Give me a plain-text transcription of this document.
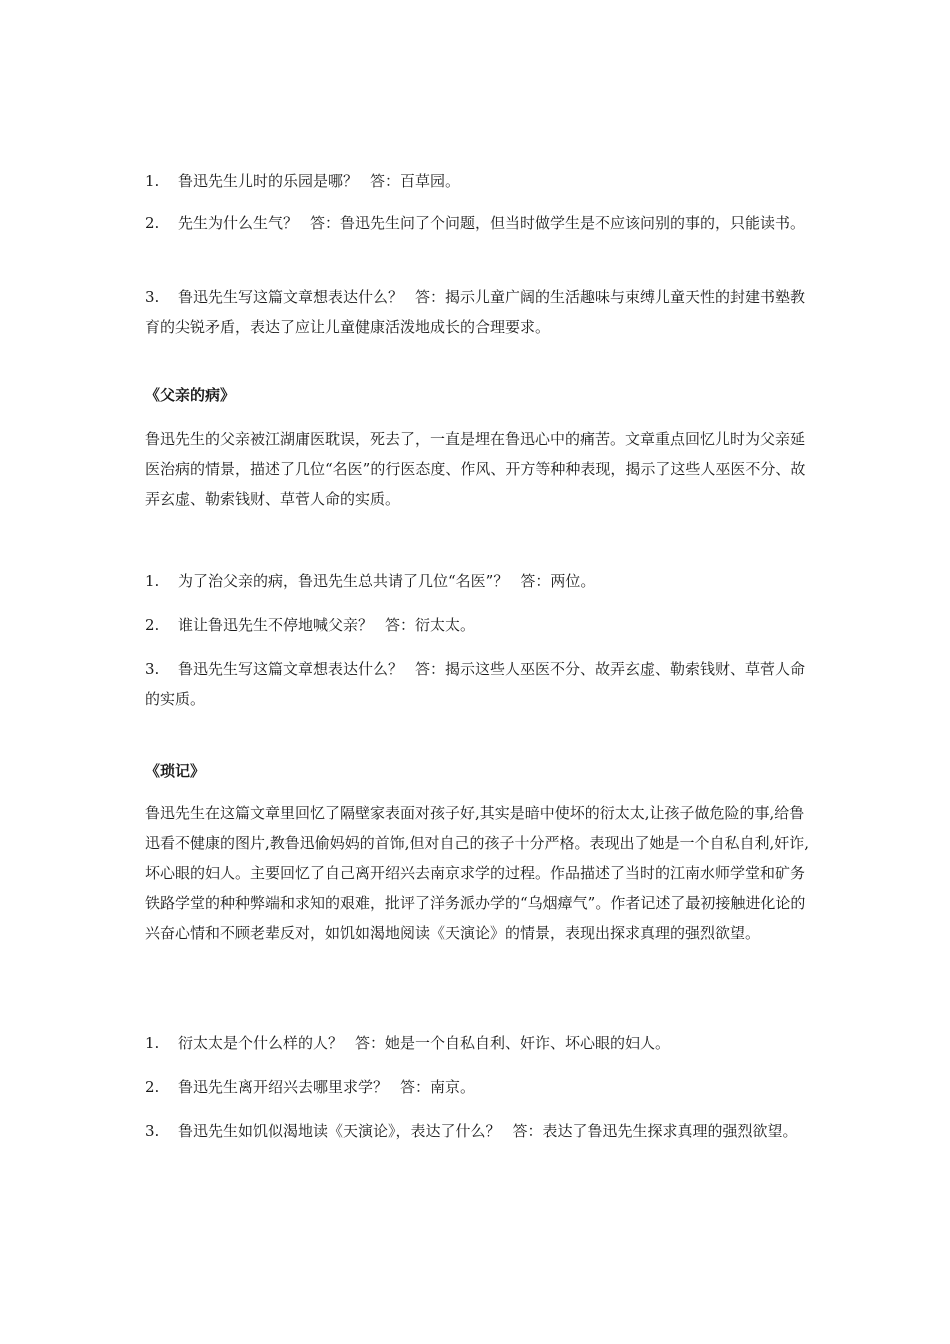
1. 鲁迅先生儿时的乐园是哪？ 答：百草园。

2. 先生为什么生气？ 答：鲁迅先生问了个问题，但当时做学生是不应该问别的事的，只能读书。

3. 鲁迅先生写这篇文章想表达什么？ 答：揭示儿童广阔的生活趣味与束缚儿童天性的封建书塾教育的尖锐矛盾，表达了应让儿童健康活泼地成长的合理要求。

《父亲的病》

鲁迅先生的父亲被江湖庸医耽误，死去了，一直是埋在鲁迅心中的痛苦。文章重点回忆儿时为父亲延医治病的情景，描述了几位“名医”的行医态度、作风、开方等种种表现，揭示了这些人巫医不分、故弄玄虚、勒索钱财、草菅人命的实质。

1. 为了治父亲的病，鲁迅先生总共请了几位“名医”？ 答：两位。

2. 谁让鲁迅先生不停地喊父亲？ 答：衍太太。

3. 鲁迅先生写这篇文章想表达什么？ 答：揭示这些人巫医不分、故弄玄虚、勒索钱财、草菅人命的实质。

《琐记》

鲁迅先生在这篇文章里回忆了隔壁家表面对孩子好,其实是暗中使坏的衍太太,让孩子做危险的事,给鲁迅看不健康的图片,教鲁迅偷妈妈的首饰,但对自己的孩子十分严格。表现出了她是一个自私自利,奸诈,坏心眼的妇人。主要回忆了自己离开绍兴去南京求学的过程。作品描述了当时的江南水师学堂和矿务铁路学堂的种种弊端和求知的艰难，批评了洋务派办学的“乌烟瘴气”。作者记述了最初接触进化论的兴奋心情和不顾老辈反对，如饥如渴地阅读《天演论》的情景，表现出探求真理的强烈欲望。

1. 衍太太是个什么样的人？ 答：她是一个自私自利、奸诈、坏心眼的妇人。

2. 鲁迅先生离开绍兴去哪里求学？ 答：南京。

3. 鲁迅先生如饥似渴地读《天演论》，表达了什么？ 答：表达了鲁迅先生探求真理的强烈欲望。
